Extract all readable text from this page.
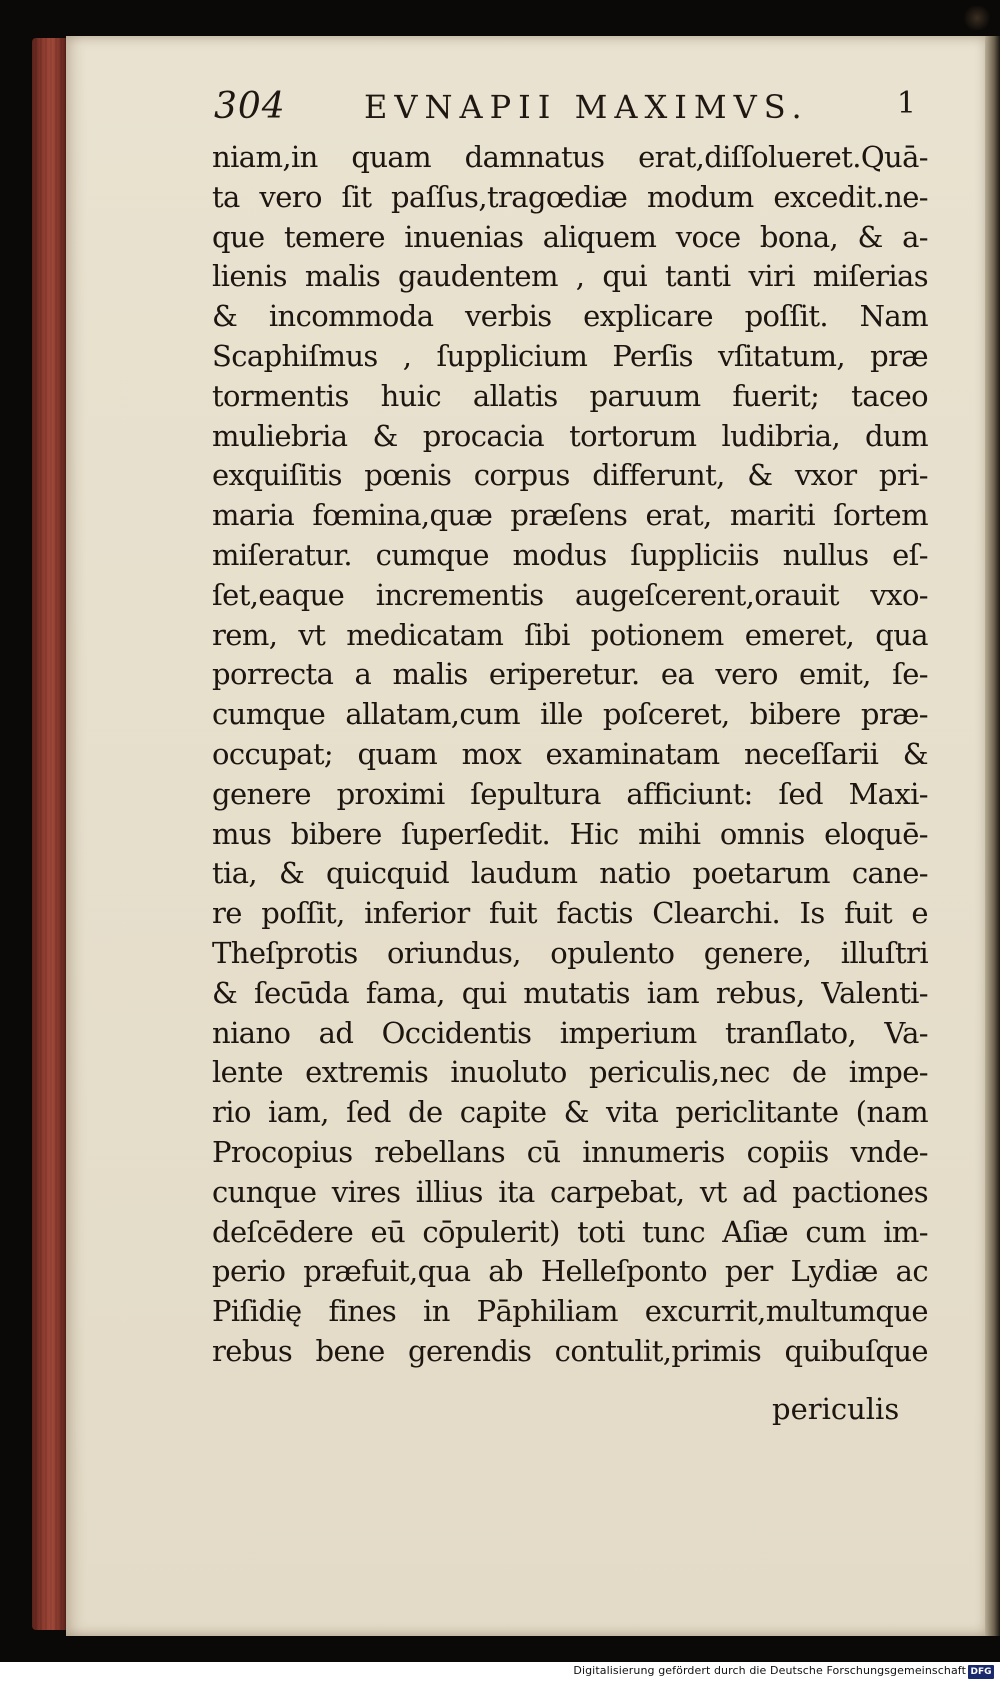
304 EVNAPII MAXIMVS.	1
niam,in quam damnatus erat,diſſolueret.Quā-
ta vero ſit paſſus,tragœdiæ modum excedit.ne-
que temere inuenias aliquem voce bona, & a-
lienis malis gaudentem , qui tanti viri miſerias
& incommoda verbis explicare poſſit. Nam
Scaphiſmus , ſupplicium Perſis vſitatum, præ
tormentis huic allatis paruum fuerit; taceo
muliebria & procacia tortorum ludibria, dum
exquiſitis pœnis corpus differunt, & vxor pri-
maria fœmina,quæ præſens erat, mariti ſortem
miſeratur. cumque modus ſuppliciis nullus eſ-
ſet,eaque incrementis augeſcerent,orauit vxo-
rem, vt medicatam ſibi potionem emeret, qua
porrecta a malis eriperetur. ea vero emit, ſe-
cumque allatam,cum ille poſceret, bibere præ-
occupat; quam mox examinatam neceſſarii &
genere proximi ſepultura afficiunt: ſed Maxi-
mus bibere ſuperſedit. Hic mihi omnis eloquē-
tia, & quicquid laudum natio poetarum cane-
re poſſit, inferior fuit factis Clearchi. Is fuit e
Theſprotis oriundus, opulento genere, illuſtri
& ſecūda fama, qui mutatis iam rebus, Valenti-
niano ad Occidentis imperium tranſlato, Va-
lente extremis inuoluto periculis,nec de impe-
rio iam, ſed de capite & vita periclitante (nam
Procopius rebellans cū innumeris copiis vnde-
cunque vires illius ita carpebat, vt ad pactiones
deſcēdere eū cōpulerit) toti tunc Aſiæ cum im-
perio præfuit,qua ab Helleſponto per Lydiæ ac
Piſidię fines in Pāphiliam excurrit,multumque
rebus bene gerendis contulit,primis quibuſque
periculis
Digitalisierung gefördert durch die Deutsche Forschungsgemeinschaft DFG
